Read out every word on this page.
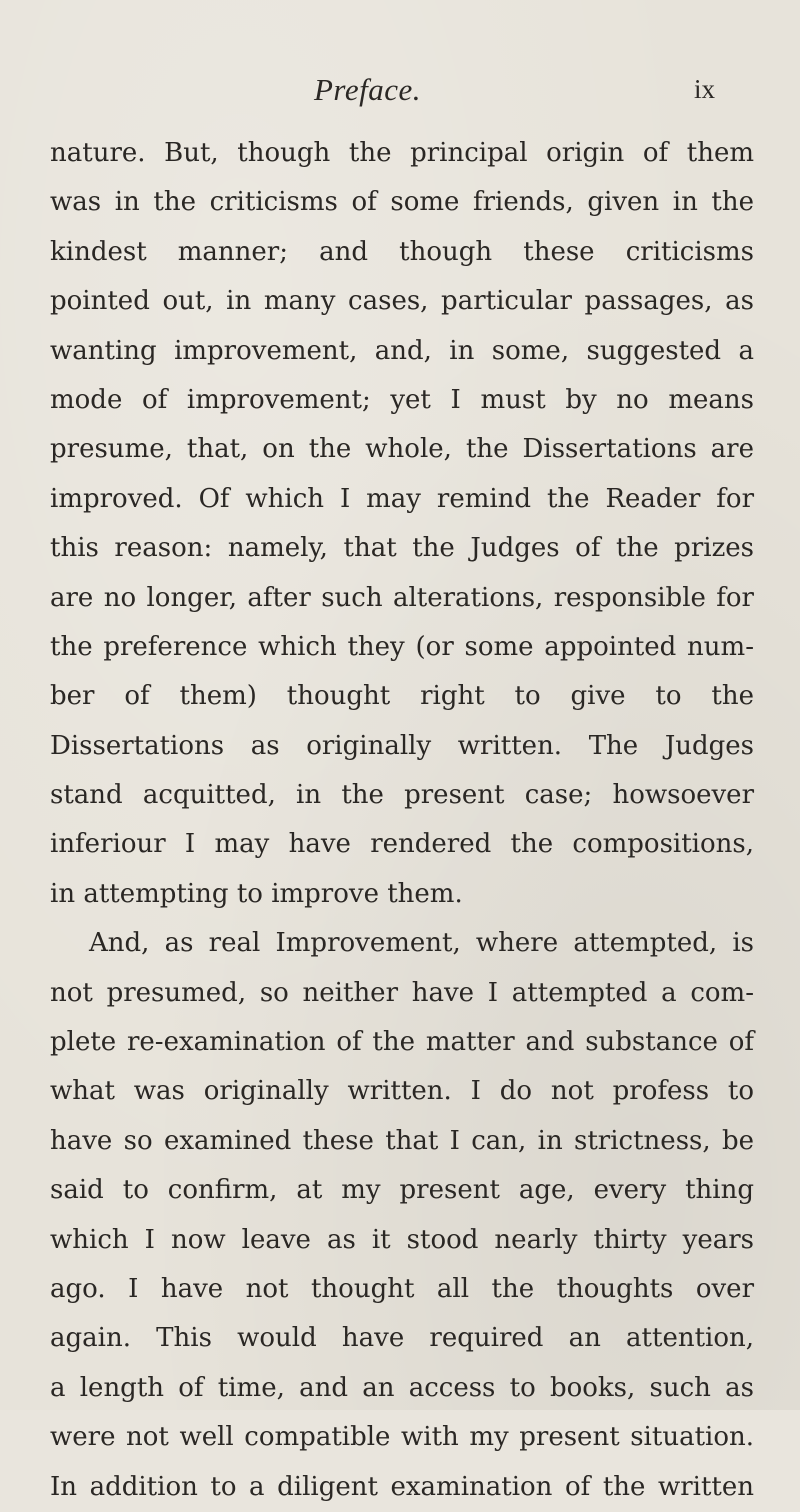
Preface.	ix
nature. But, though the principal origin of them
was in the criticisms of some friends, given in the
kindest manner; and though these criticisms
pointed out, in many cases, particular passages, as
wanting improvement, and, in some, suggested a
mode of improvement; yet I must by no means
presume, that, on the whole, the Dissertations are
improved. Of which I may remind the Reader for
this reason: namely, that the Judges of the prizes
are no longer, after such alterations, responsible for
the preference which they (or some appointed num-
ber of them) thought right to give to the
Dissertations as originally written. The Judges
stand acquitted, in the present case; howsoever
inferiour I may have rendered the compositions,
in attempting to improve them.
And, as real Improvement, where attempted, is
not presumed, so neither have I attempted a com-
plete re-examination of the matter and substance of
what was originally written. I do not profess to
have so examined these that I can, in strictness, be
said to confirm, at my present age, every thing
which I now leave as it stood nearly thirty years
ago. I have not thought all the thoughts over
again. This would have required an attention,
a length of time, and an access to books, such as
were not well compatible with my present situation.
In addition to a diligent examination of the written
